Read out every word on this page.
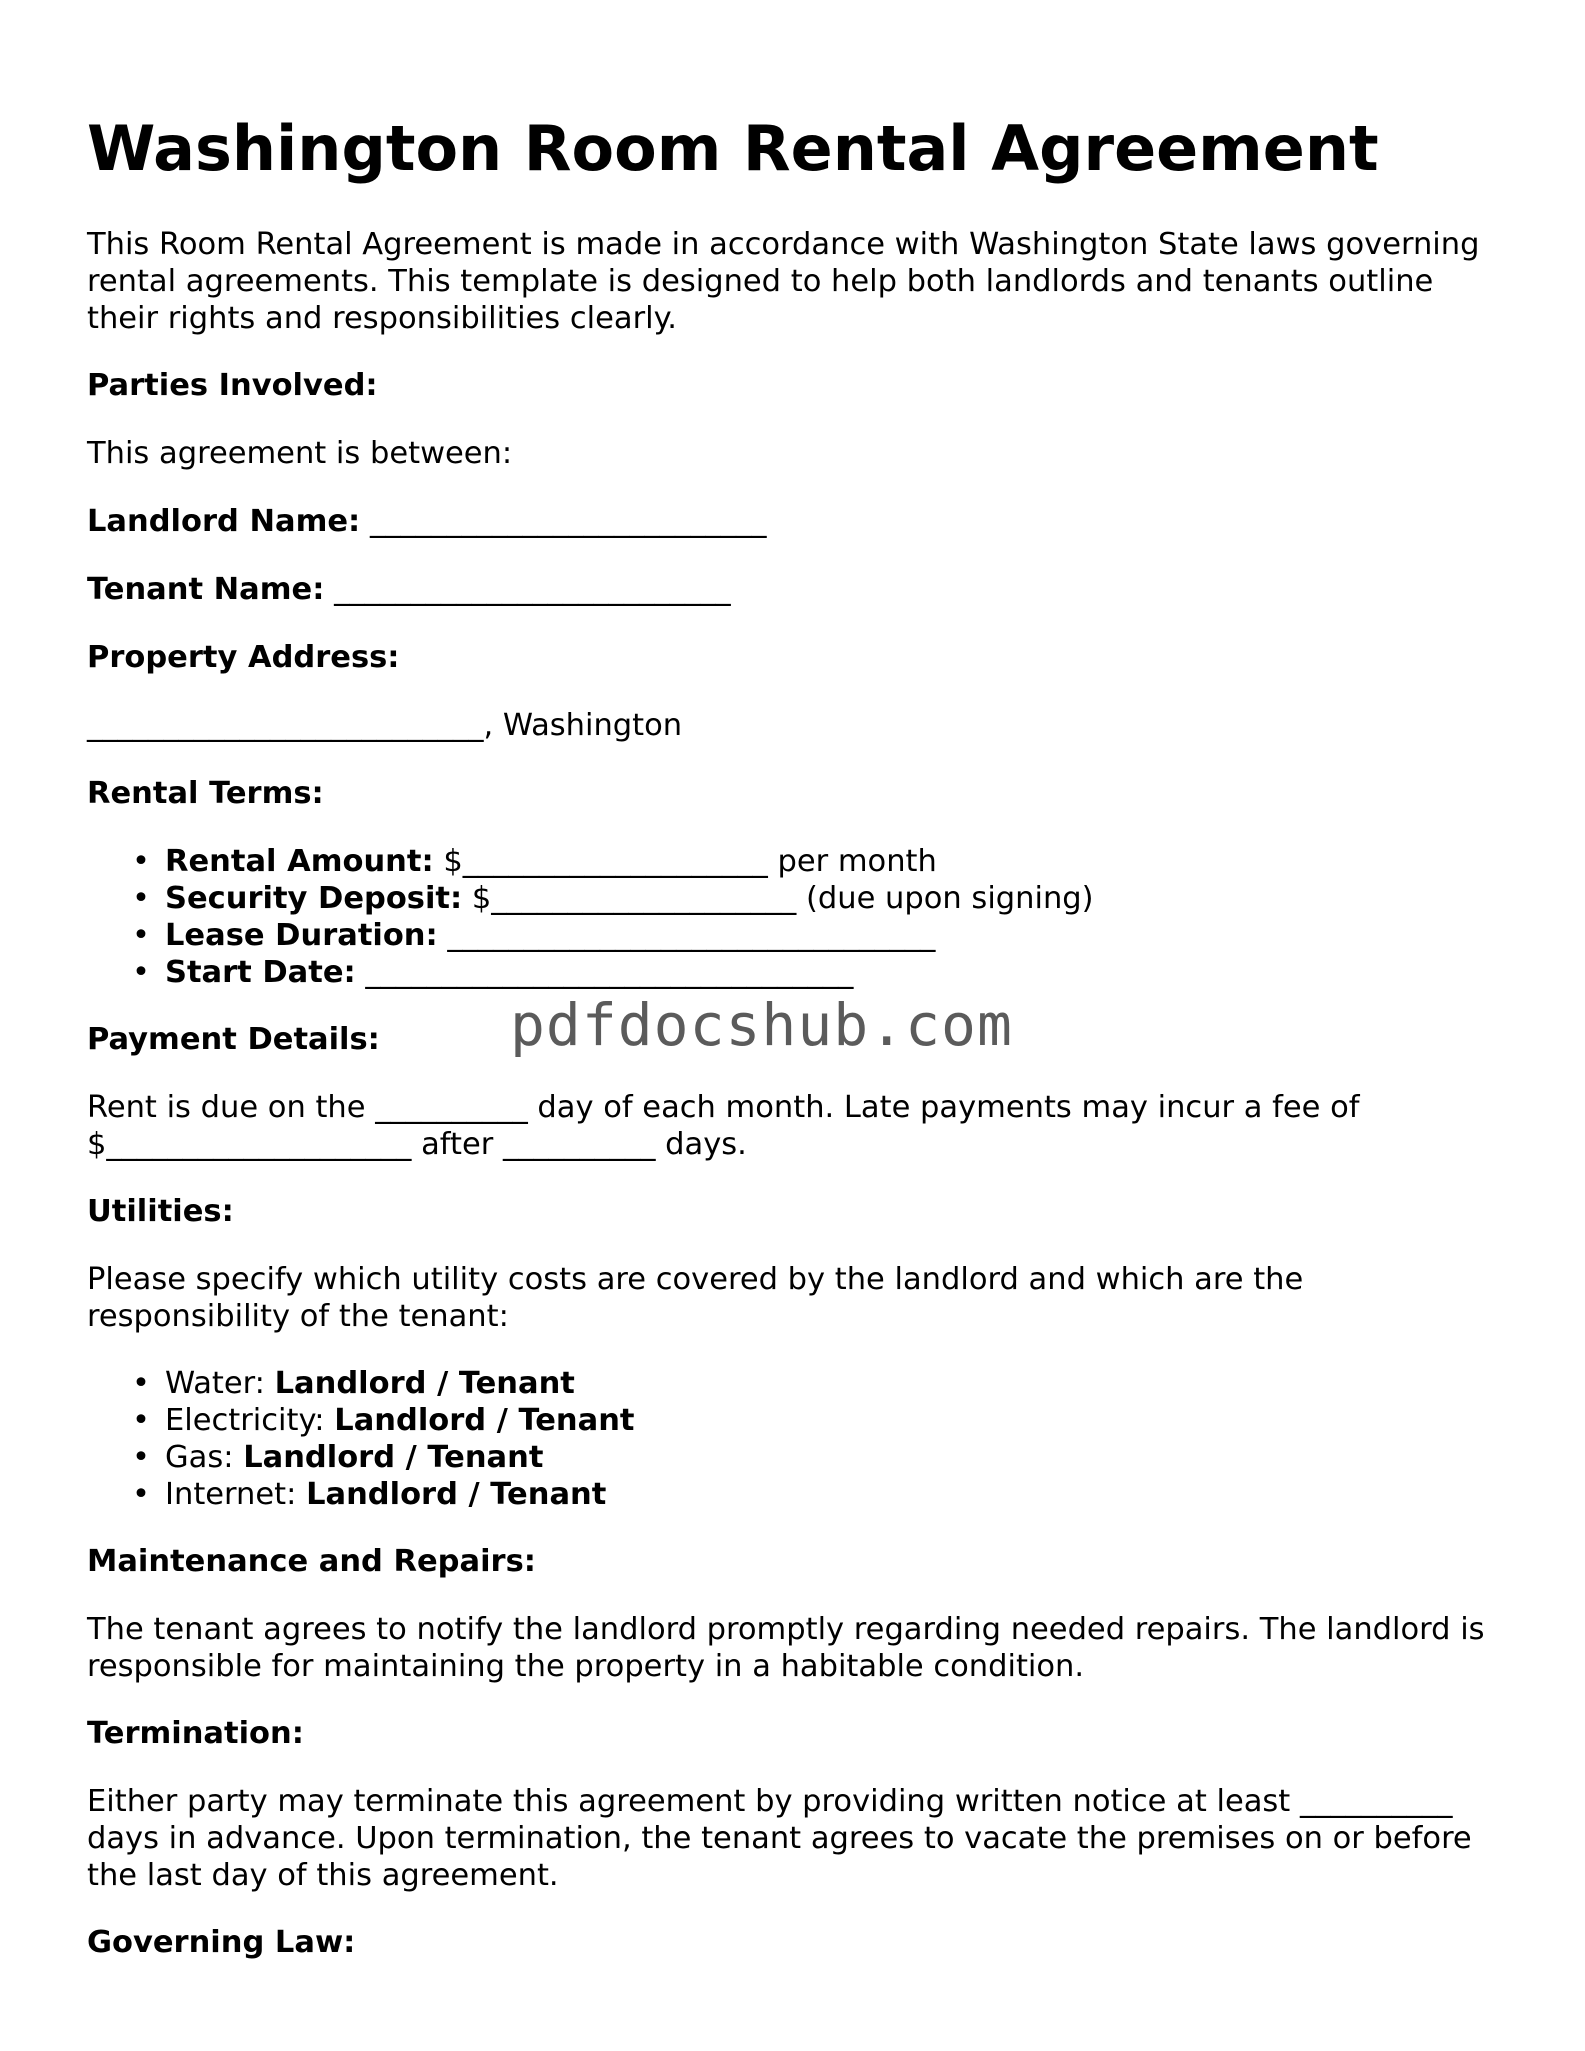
Washington Room Rental Agreement
This Room Rental Agreement is made in accordance with Washington State laws governing rental agreements. This template is designed to help both landlords and tenants outline their rights and responsibilities clearly.
Parties Involved:
This agreement is between:
Landlord Name: __________________________
Tenant Name: __________________________
Property Address:
__________________________, Washington
Rental Terms:
• Rental Amount: $____________________ per month
• Security Deposit: $____________________ (due upon signing)
• Lease Duration: ________________________________
• Start Date: ________________________________
Payment Details:
Rent is due on the __________ day of each month. Late payments may incur a fee of $____________________ after __________ days.
Utilities:
Please specify which utility costs are covered by the landlord and which are the responsibility of the tenant:
• Water: Landlord / Tenant
• Electricity: Landlord / Tenant
• Gas: Landlord / Tenant
• Internet: Landlord / Tenant
Maintenance and Repairs:
The tenant agrees to notify the landlord promptly regarding needed repairs. The landlord is responsible for maintaining the property in a habitable condition.
Termination:
Either party may terminate this agreement by providing written notice at least __________ days in advance. Upon termination, the tenant agrees to vacate the premises on or before the last day of this agreement.
Governing Law:
pdfdocshub.com
